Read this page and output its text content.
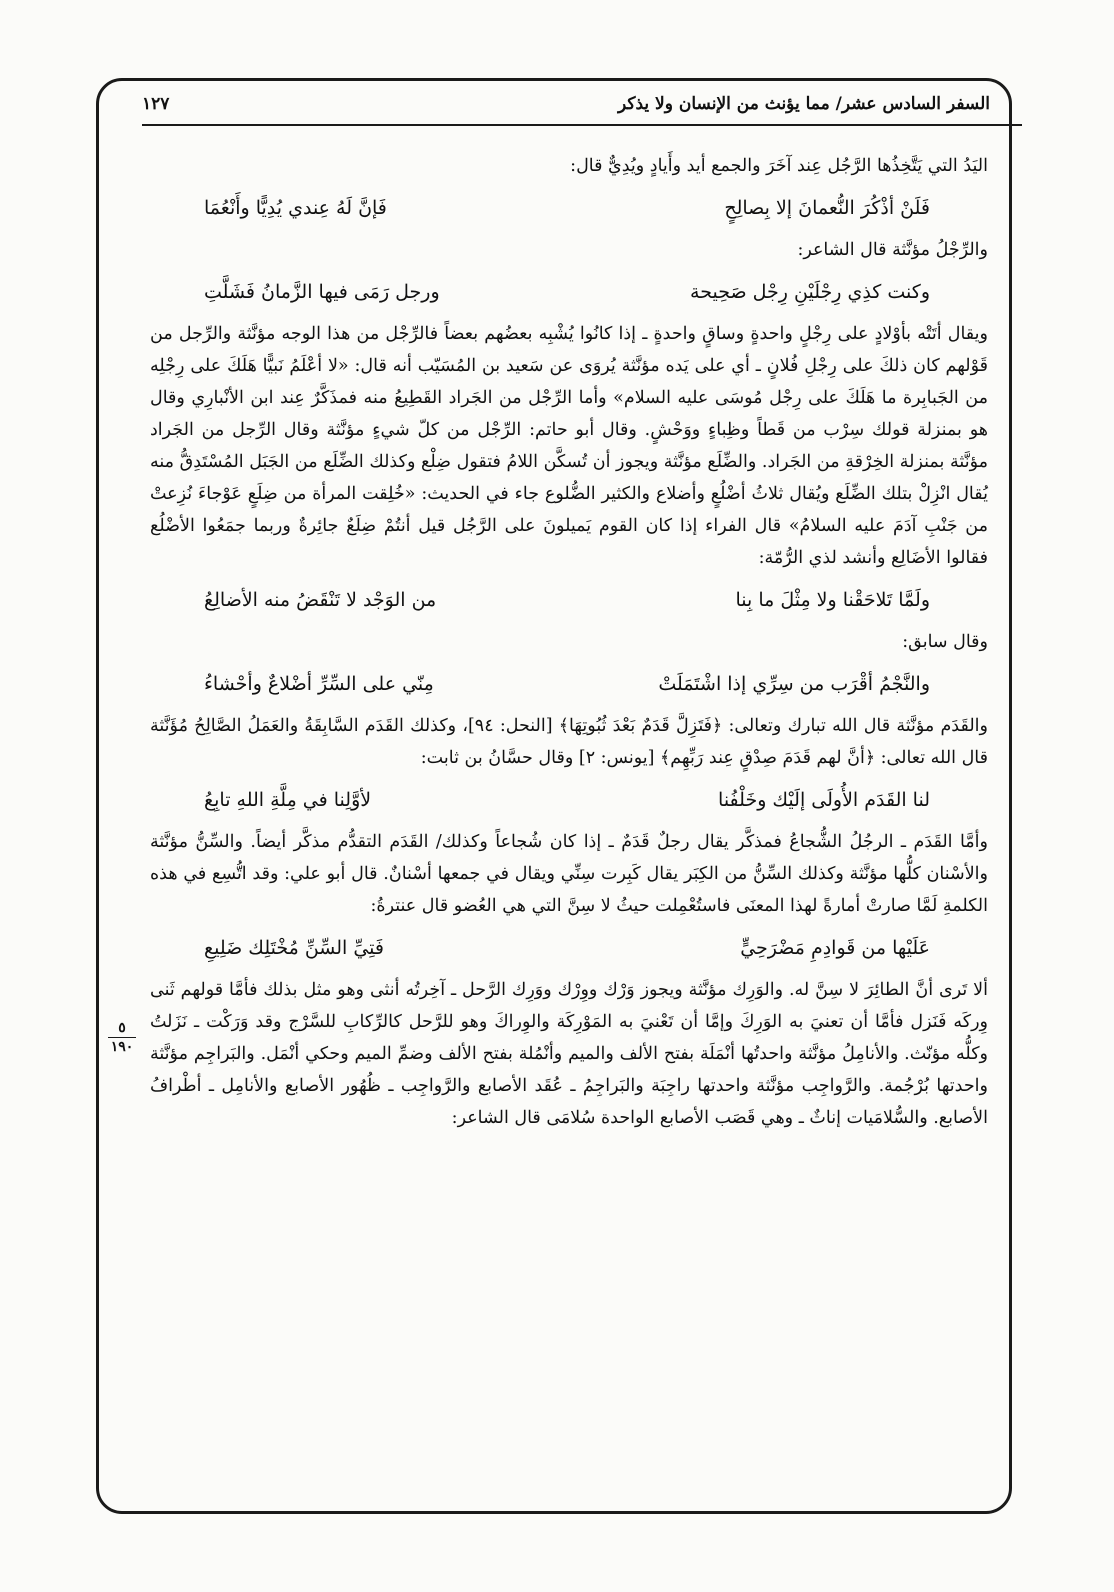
السفر السادس عشر/ مما يؤنث من الإنسان ولا يذكر
١٢٧
٥
١٩٠

اليَدُ التي يَتَّخِذُها الرَّجُل عِند آخَرَ والجمع أيد وأَيادٍ ويُدِيٌّ قال:

فَلَنْ أذْكُرَ النُّعمانَ إلا بِصالِحٍ
فَإنَّ لَهُ عِندي يُدِيًّا وأَنْعُمَا

والرِّجْلُ مؤنَّثة قال الشاعر:

وكنت كذِي رِجْلَيْنِ رِجْل صَحِيحة
ورجل رَمَى فيها الزَّمانُ فَشَلَّتِ

ويقال أتَتْه بأوْلادٍ على رِجْلٍ واحدةٍ وساقٍ واحدةٍ ـ إذا كانُوا يُشْبِه بعضُهم بعضاً فالرِّجْل من هذا الوجه مؤنَّثة والرِّجل من قَوْلهم كان ذلكَ على رِجْلِ فُلانٍ ـ أي على يَده مؤنَّثة يُروَى عن سَعيد بن المُسَيّب أنه قال: «لا أعْلَمُ نَبيًّا هَلَكَ على رِجْلِه من الجَبابِرة ما هَلَكَ على رِجْل مُوسَى عليه السلام» وأما الرِّجْل من الجَراد القَطِيعُ منه فمذَكَّرٌ عِند ابن الأنْبارِي وقال هو بمنزلة قولك سِرْب من قَطاً وظِباءٍ ووَحْشٍ. وقال أبو حاتم: الرِّجْل من كلّ شيءٍ مؤنَّثة وقال الرِّجل من الجَراد مؤنَّثة بمنزلة الخِرْقةِ من الجَراد. والضِّلَع مؤنَّثة ويجوز أن تُسكَّن اللامُ فتقول ضِلْع وكذلك الضِّلَع من الجَبَل المُسْتَدِقُّ منه يُقال انْزِلْ بتلك الضِّلَع ويُقال ثلاثُ أضْلُعٍ وأضلاع والكثير الضُّلوع جاء في الحديث: «خُلِقت المرأة من ضِلَعٍ عَوْجاءَ نُزِعتْ من جَنْبِ آدَمَ عليه السلامُ» قال الفراء إذا كان القوم يَميلونَ على الرَّجُل قيل أنتُمْ ضِلَعٌ جائِرةٌ وربما جمَعُوا الأضْلُع فقالوا الأضَالِع وأنشد لذي الرُّمّة:

ولَمَّا تَلاحَقْنا ولا مِثْلَ ما بِنا
من الوَجْد لا تَنْقَضُ منه الأضالِعُ

وقال سابق:

والنَّجْمُ أقْرَب من سِرِّي إذا اشْتَمَلَتْ
مِنّي على السِّرِّ أضْلاعٌ وأحْشاءُ

والقَدَم مؤنَّثة قال الله تبارك وتعالى: ﴿فَتَزِلَّ قَدَمٌ بَعْدَ ثُبُوتِهَا﴾ [النحل: ٩٤]، وكذلك القَدَم السَّابِقَةُ والعَمَلُ الصَّالِحُ مُؤَنَّثة قال الله تعالى: ﴿أنَّ لهم قَدَمَ صِدْقٍ عِند رَبِّهِم﴾ [يونس: ٢] وقال حسَّانُ بن ثابت:

لنا القَدَم الأُولَى إلَيْك وخَلْفُنا
لأوَّلِنا في مِلَّةِ اللهِ تابِعُ

وأمَّا القَدَم ـ الرجُلُ الشُّجاعُ فمذكَّر يقال رجلٌ قَدَمٌ ـ إذا كان شُجاعاً وكذلك/ القَدَم التقدُّم مذكَّر أيضاً. والسِّنُّ مؤنَّثة والأسْنان كلُّها مؤنَّثة وكذلك السِّنُّ من الكِبَر يقال كَبِرت سِنِّي ويقال في جمعها أسْنانٌ. قال أبو علي: وقد اتُّسِع في هذه الكلمةِ لَمَّا صارتْ أمارةً لهذا المعنَى فاستُعْمِلت حيثُ لا سِنَّ التي هي العُضو قال عنترةُ:

عَلَيْها من قَوادِمِ مَضْرَحِيٍّ
فَتِيِّ السِّنِّ مُخْتَلِك ضَلِيعِ

ألا تَرى أنَّ الطائِرَ لا سِنَّ له. والوَرِك مؤنَّثة ويجوز وَرْك ووِرْك ووَرِك الرَّحل ـ آخِرتُه أنثى وهو مثل بذلك فأمَّا قولهم ثَنى وِركَه فَنَزل فأمَّا أن تعنيَ به الوَرِكَ وإمَّا أن تَعْنيَ به المَوْرِكَة والوِراكَ وهو للرَّحل كالرِّكابِ للسَّرْج وقد وَرَكْت ـ نَزَلتُ وكلُّه مؤنّث. والأنامِلُ مؤنَّثة واحدتُها أنْمَلَة بفتح الألف والميم وأنْمُلة بفتح الألف وضمِّ الميم وحكي أنْمَل. والبَراجِم مؤنَّثة واحدتها بُرْجُمة. والرَّواجِب مؤنَّثة واحدتها راجِبَة والبَراجِمُ ـ عُقَد الأصابع والرَّواجِب ـ ظُهُور الأصابع والأنامِل ـ أطْرافُ الأصابع. والسُّلامَيات إناثٌ ـ وهي قَصَب الأصابع الواحدة سُلامَى قال الشاعر:
